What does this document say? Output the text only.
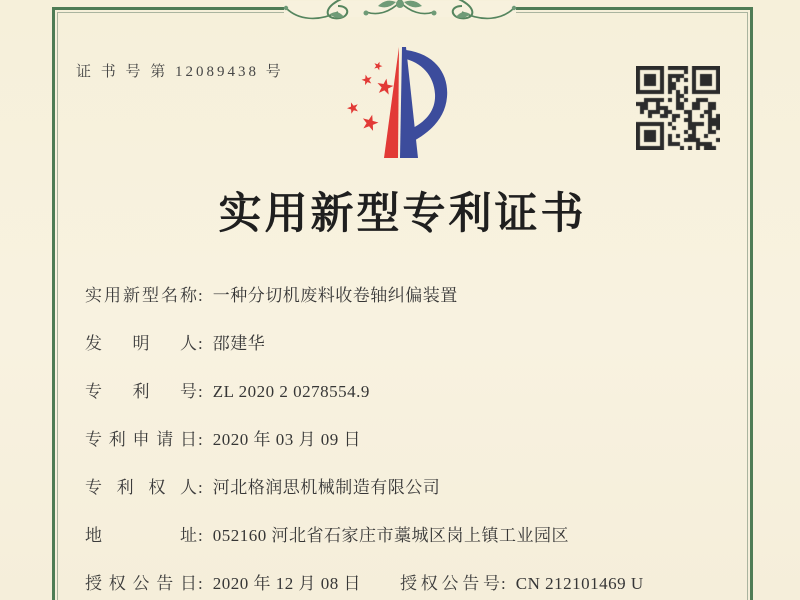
证 书 号 第 12089438 号
实用新型专利证书
实用新型名称: 一种分切机废料收卷轴纠偏装置
发明人: 邵建华
专利号: ZL 2020 2 0278554.9
专利申请日: 2020 年 03 月 09 日
专利权人: 河北格润思机械制造有限公司
地址: 052160 河北省石家庄市藁城区岗上镇工业园区
授权公告日: 2020 年 12 月 08 日 授权公告号: CN 212101469 U
